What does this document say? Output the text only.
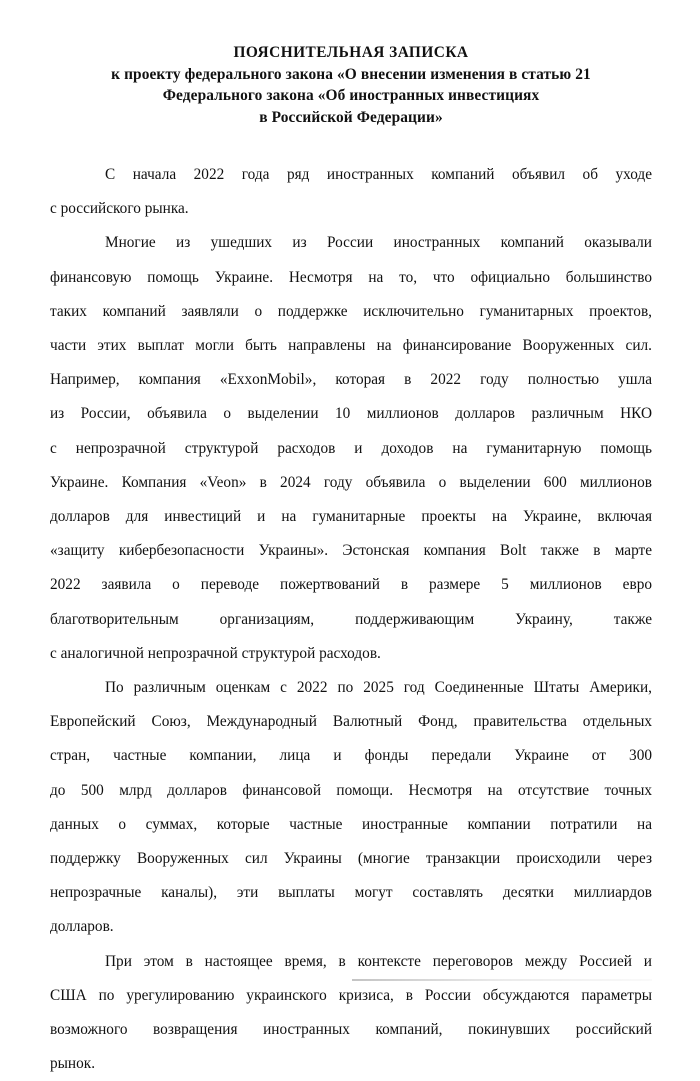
ПОЯСНИТЕЛЬНАЯ ЗАПИСКА
к проекту федерального закона «О внесении изменения в статью 21
Федерального закона «Об иностранных инвестициях
в Российской Федерации»

С начала 2022 года ряд иностранных компаний объявил об уходе
с российского рынка.

Многие из ушедших из России иностранных компаний оказывали
финансовую помощь Украине. Несмотря на то, что официально большинство
таких компаний заявляли о поддержке исключительно гуманитарных проектов,
части этих выплат могли быть направлены на финансирование Вооруженных сил.
Например, компания «ExxonMobil», которая в 2022 году полностью ушла
из России, объявила о выделении 10 миллионов долларов различным НКО
с непрозрачной структурой расходов и доходов на гуманитарную помощь
Украине. Компания «Veon» в 2024 году объявила о выделении 600 миллионов
долларов для инвестиций и на гуманитарные проекты на Украине, включая
«защиту кибербезопасности Украины». Эстонская компания Bolt также в марте
2022 заявила о переводе пожертвований в размере 5 миллионов евро
благотворительным организациям, поддерживающим Украину, также
с аналогичной непрозрачной структурой расходов.

По различным оценкам с 2022 по 2025 год Соединенные Штаты Америки,
Европейский Союз, Международный Валютный Фонд, правительства отдельных
стран, частные компании, лица и фонды передали Украине от 300
до 500 млрд долларов финансовой помощи. Несмотря на отсутствие точных
данных о суммах, которые частные иностранные компании потратили на
поддержку Вооруженных сил Украины (многие транзакции происходили через
непрозрачные каналы), эти выплаты могут составлять десятки миллиардов
долларов.

При этом в настоящее время, в контексте переговоров между Россией и
США по урегулированию украинского кризиса, в России обсуждаются параметры
возможного возвращения иностранных компаний, покинувших российский
рынок.
